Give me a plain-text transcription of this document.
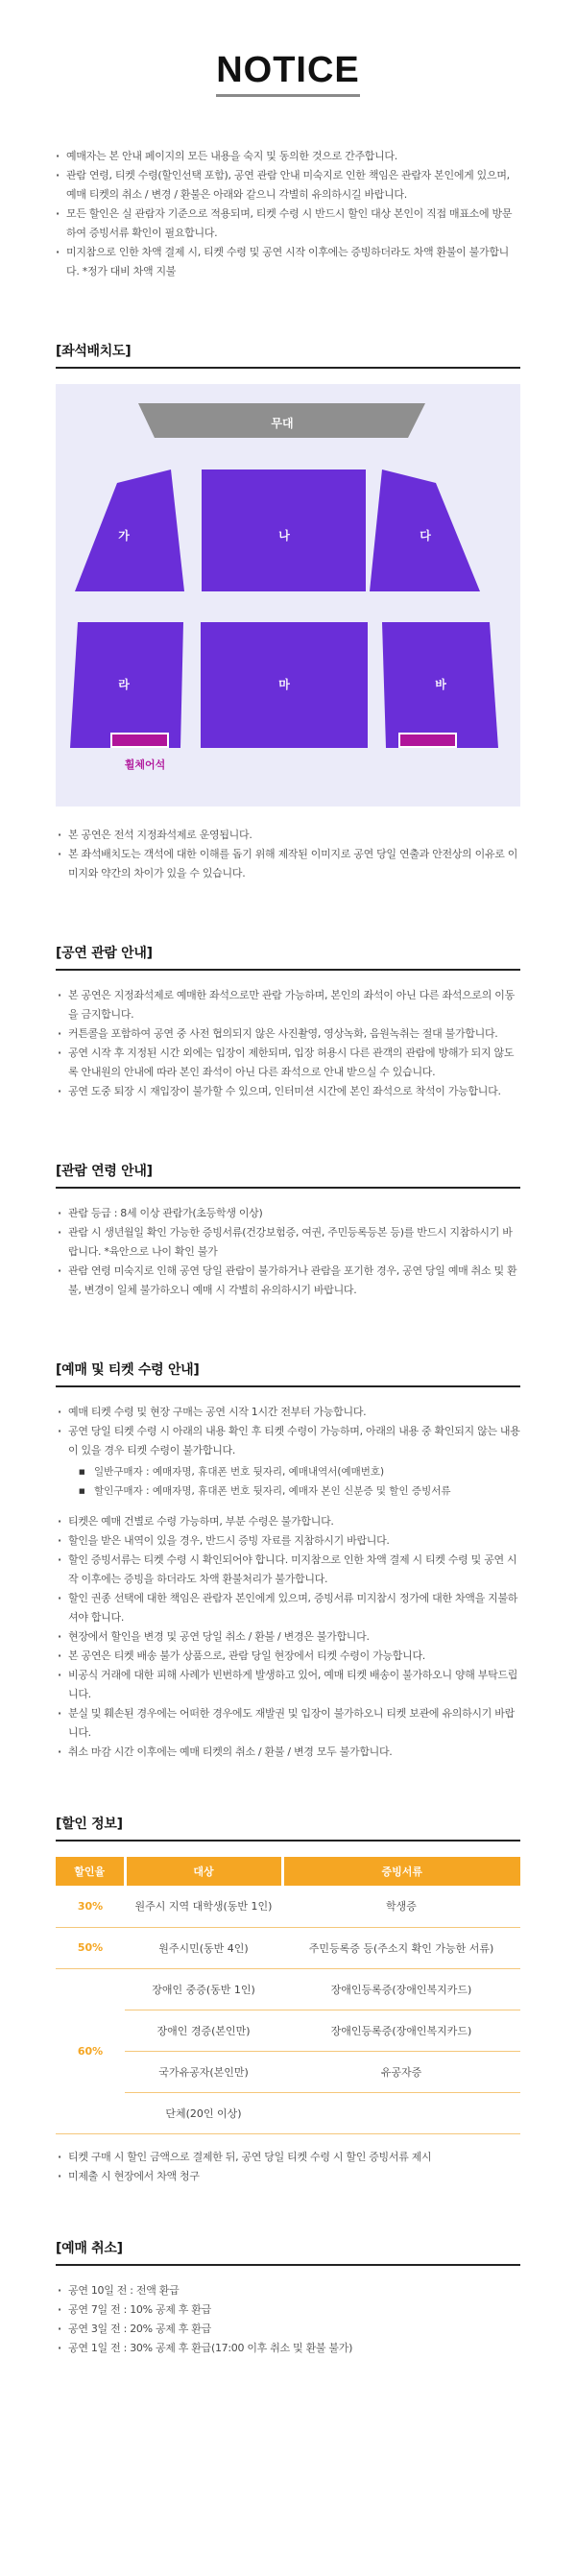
NOTICE
· 예매자는 본 안내 페이지의 모든 내용을 숙지 및 동의한 것으로 간주합니다.
· 관람 연령, 티켓 수령(할인선택 포함), 공연 관람 안내 미숙지로 인한 책임은 관람자 본인에게 있으며, 예매 티켓의 취소 / 변경 / 환불은 아래와 같으니 각별히 유의하시길 바랍니다.
· 모든 할인은 실 관람자 기준으로 적용되며, 티켓 수령 시 반드시 할인 대상 본인이 직접 매표소에 방문하여 증빙서류 확인이 필요합니다.
· 미지참으로 인한 차액 결제 시, 티켓 수령 및 공연 시작 이후에는 증빙하더라도 차액 환불이 불가합니다. *정가 대비 차액 지불
[좌석배치도]
무대
가	나	다
라	마	바
휠체어석
· 본 공연은 전석 지정좌석제로 운영됩니다.
· 본 좌석배치도는 객석에 대한 이해를 돕기 위해 제작된 이미지로 공연 당일 연출과 안전상의 이유로 이미지와 약간의 차이가 있을 수 있습니다.
[공연 관람 안내]
· 본 공연은 지정좌석제로 예매한 좌석으로만 관람 가능하며, 본인의 좌석이 아닌 다른 좌석으로의 이동을 금지합니다.
· 커튼콜을 포함하여 공연 중 사전 협의되지 않은 사진촬영, 영상녹화, 음원녹취는 절대 불가합니다.
· 공연 시작 후 지정된 시간 외에는 입장이 제한되며, 입장 허용시 다른 관객의 관람에 방해가 되지 않도록 안내원의 안내에 따라 본인 좌석이 아닌 다른 좌석으로 안내 받으실 수 있습니다.
· 공연 도중 퇴장 시 재입장이 불가할 수 있으며, 인터미션 시간에 본인 좌석으로 착석이 가능합니다.
[관람 연령 안내]
· 관람 등급 : 8세 이상 관람가(초등학생 이상)
· 관람 시 생년월일 확인 가능한 증빙서류(건강보험증, 여권, 주민등록등본 등)를 반드시 지참하시기 바랍니다. *육안으로 나이 확인 불가
· 관람 연령 미숙지로 인해 공연 당일 관람이 불가하거나 관람을 포기한 경우, 공연 당일 예매 취소 및 환불, 변경이 일체 불가하오니 예매 시 각별히 유의하시기 바랍니다.
[예매 및 티켓 수령 안내]
· 예매 티켓 수령 및 현장 구매는 공연 시작 1시간 전부터 가능합니다.
· 공연 당일 티켓 수령 시 아래의 내용 확인 후 티켓 수령이 가능하며, 아래의 내용 중 확인되지 않는 내용이 있을 경우 티켓 수령이 불가합니다.
■ 일반구매자 : 예매자명, 휴대폰 번호 뒷자리, 예매내역서(예매번호)
■ 할인구매자 : 예매자명, 휴대폰 번호 뒷자리, 예매자 본인 신분증 및 할인 증빙서류
· 티켓은 예매 건별로 수령 가능하며, 부분 수령은 불가합니다.
· 할인을 받은 내역이 있을 경우, 반드시 증빙 자료를 지참하시기 바랍니다.
· 할인 증빙서류는 티켓 수령 시 확인되어야 합니다. 미지참으로 인한 차액 결제 시 티켓 수령 및 공연 시작 이후에는 증빙을 하더라도 차액 환불처리가 불가합니다.
· 할인 권종 선택에 대한 책임은 관람자 본인에게 있으며, 증빙서류 미지참시 정가에 대한 차액을 지불하셔야 합니다.
· 현장에서 할인을 변경 및 공연 당일 취소 / 환불 / 변경은 불가합니다.
· 본 공연은 티켓 배송 불가 상품으로, 관람 당일 현장에서 티켓 수령이 가능합니다.
· 비공식 거래에 대한 피해 사례가 빈번하게 발생하고 있어, 예매 티켓 배송이 불가하오니 양해 부탁드립니다.
· 분실 및 훼손된 경우에는 어떠한 경우에도 재발권 및 입장이 불가하오니 티켓 보관에 유의하시기 바랍니다.
· 취소 마감 시간 이후에는 예매 티켓의 취소 / 환불 / 변경 모두 불가합니다.
[할인 정보]
할인율	대상	증빙서류
30%	원주시 지역 대학생(동반 1인)	학생증
50%	원주시민(동반 4인)	주민등록증 등(주소지 확인 가능한 서류)
60%	장애인 중증(동반 1인)	장애인등록증(장애인복지카드)
	장애인 경증(본인만)	장애인등록증(장애인복지카드)
	국가유공자(본인만)	유공자증
	단체(20인 이상)	
· 티켓 구매 시 할인 금액으로 결제한 뒤, 공연 당일 티켓 수령 시 할인 증빙서류 제시
· 미제출 시 현장에서 차액 청구
[예매 취소]
· 공연 10일 전 : 전액 환급
· 공연 7일 전 : 10% 공제 후 환급
· 공연 3일 전 : 20% 공제 후 환급
· 공연 1일 전 : 30% 공제 후 환급(17:00 이후 취소 및 환불 불가)
